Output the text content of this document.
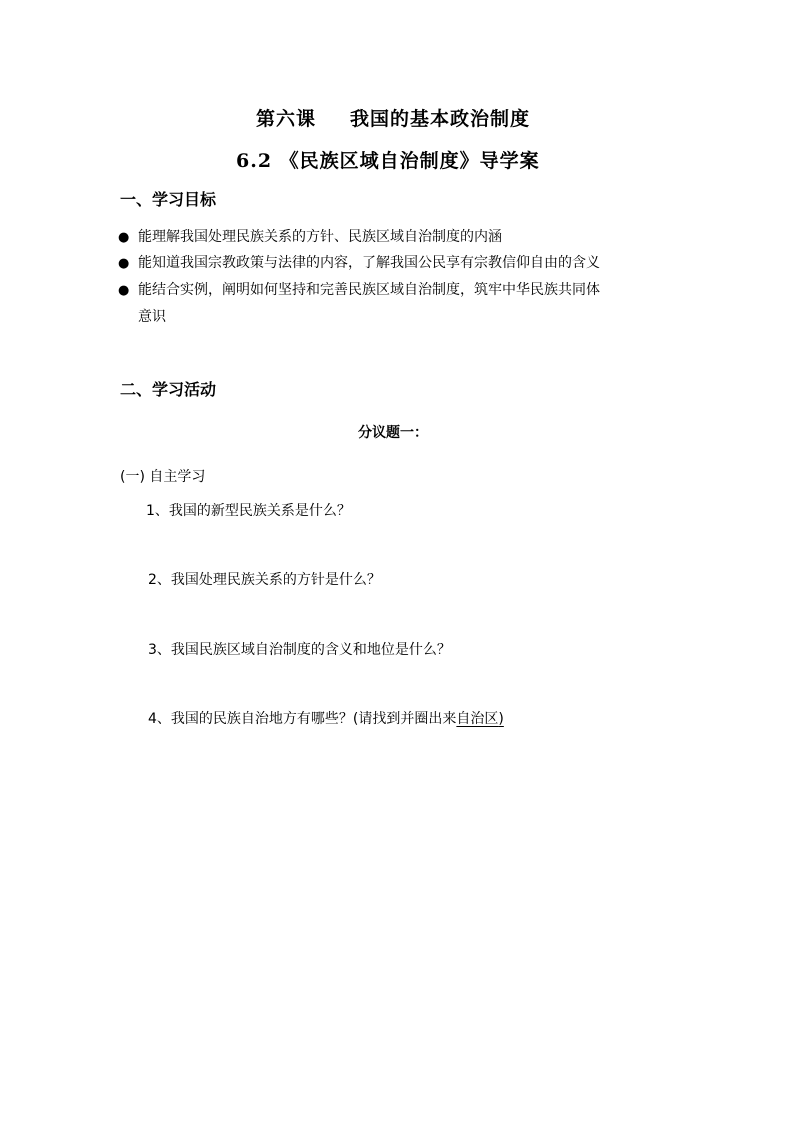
第六课 我国的基本政治制度
6.2 《民族区域自治制度》导学案
一、学习目标
● 能理解我国处理民族关系的方针、民族区域自治制度的内涵
● 能知道我国宗教政策与法律的内容，了解我国公民享有宗教信仰自由的含义
● 能结合实例，阐明如何坚持和完善民族区域自治制度，筑牢中华民族共同体
意识
二、学习活动
分议题一：
(一) 自主学习
1、我国的新型民族关系是什么？
2、我国处理民族关系的方针是什么？
3、我国民族区域自治制度的含义和地位是什么？
4、我国的民族自治地方有哪些？(请找到并圈出来自治区)
